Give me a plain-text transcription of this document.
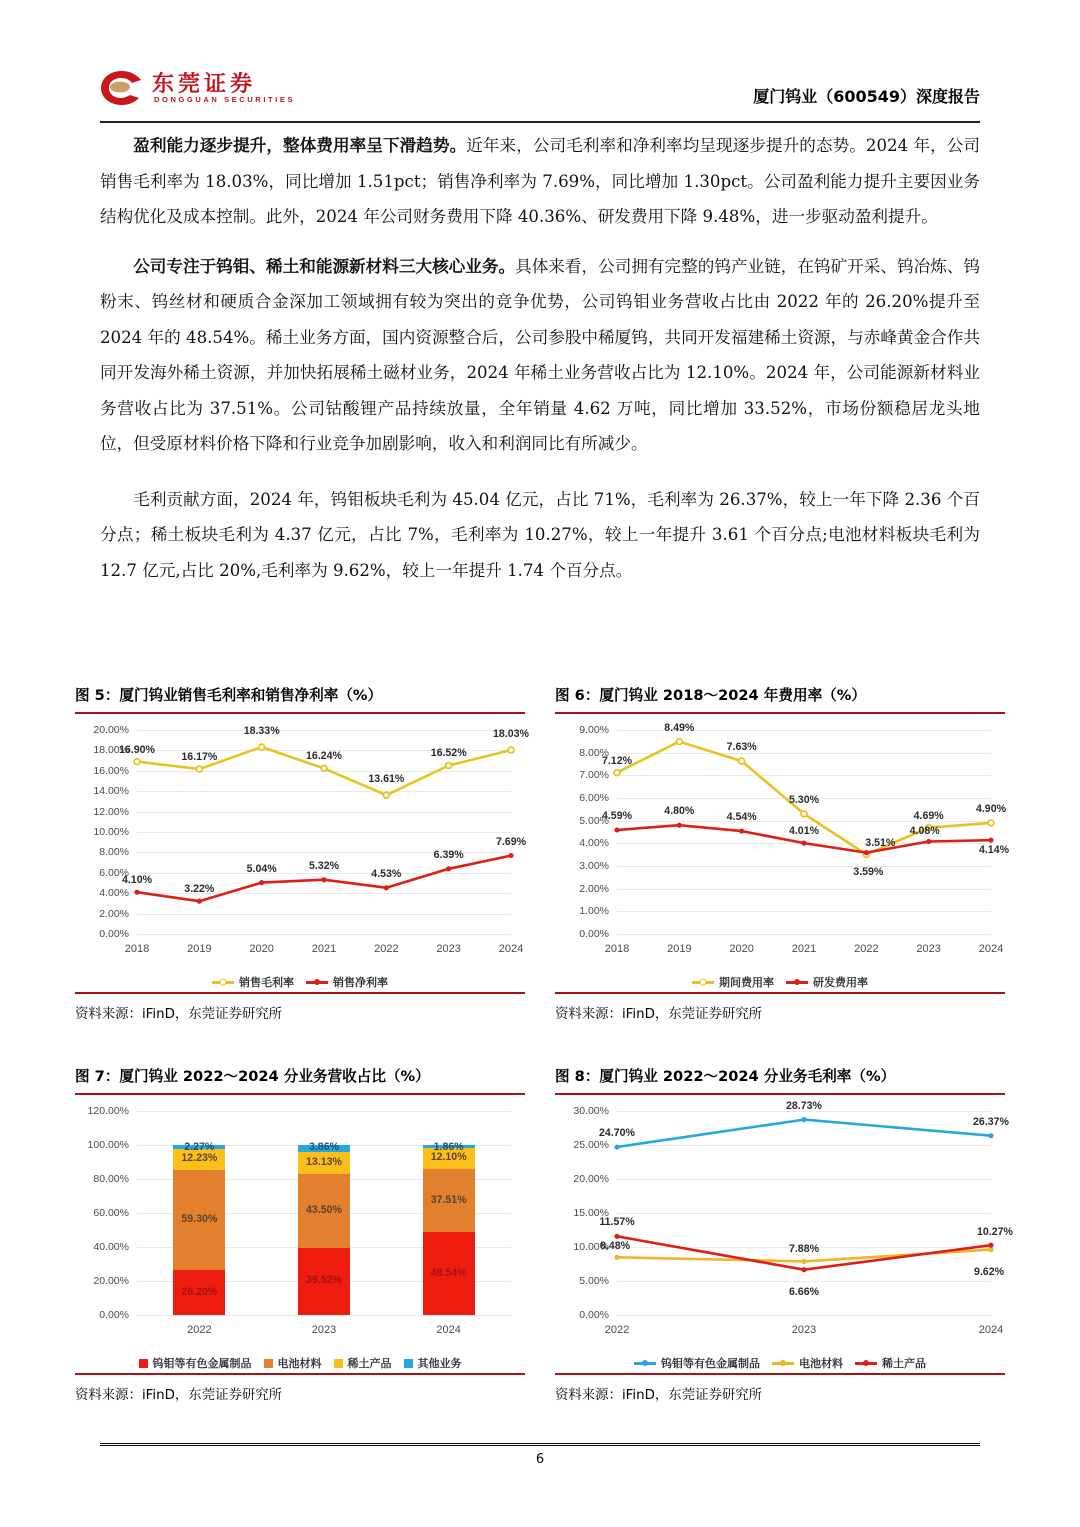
东莞证券
DONGGUAN SECURITIES	厦门钨业（600549）深度报告

盈利能力逐步提升，整体费用率呈下滑趋势。近年来，公司毛利率和净利率均呈现逐步提升的态势。2024 年，公司销售毛利率为 18.03%，同比增加 1.51pct；销售净利率为 7.69%，同比增加 1.30pct。公司盈利能力提升主要因业务结构优化及成本控制。此外，2024 年公司财务费用下降 40.36%、研发费用下降 9.48%，进一步驱动盈利提升。

公司专注于钨钼、稀土和能源新材料三大核心业务。具体来看，公司拥有完整的钨产业链，在钨矿开采、钨冶炼、钨粉末、钨丝材和硬质合金深加工领域拥有较为突出的竞争优势，公司钨钼业务营收占比由 2022 年的 26.20%提升至 2024 年的 48.54%。稀土业务方面，国内资源整合后，公司参股中稀厦钨，共同开发福建稀土资源，与赤峰黄金合作共同开发海外稀土资源，并加快拓展稀土磁材业务，2024 年稀土业务营收占比为 12.10%。2024 年，公司能源新材料业务营收占比为 37.51%。公司钴酸锂产品持续放量，全年销量 4.62 万吨，同比增加 33.52%，市场份额稳居龙头地位，但受原材料价格下降和行业竞争加剧影响，收入和利润同比有所减少。

毛利贡献方面，2024 年，钨钼板块毛利为 45.04 亿元，占比 71%，毛利率为 26.37%，较上一年下降 2.36 个百分点；稀土板块毛利为 4.37 亿元，占比 7%，毛利率为 10.27%，较上一年提升 3.61 个百分点;电池材料板块毛利为 12.7 亿元,占比 20%,毛利率为 9.62%，较上一年提升 1.74 个百分点。

图 5：厦门钨业销售毛利率和销售净利率（%）
0.00%
2.00%
4.00%
6.00%
8.00%
10.00%
12.00%
14.00%
16.00%
18.00%
20.00%
16.90%
16.17%
18.33%
16.24%
13.61%
16.52%
18.03%
4.10%
3.22%
5.04%	5.32%
4.53%
6.39%
7.69%
2018	2019	2020	2021	2022	2023	2024
销售毛利率	销售净利率
资料来源：iFinD，东莞证券研究所
图 6：厦门钨业 2018～2024 年费用率（%）
0.00%
1.00%
2.00%
3.00%
4.00%
5.00%
6.00%
7.00%
8.00%
9.00%
7.12%
8.49%
7.63%
5.30%
3.51%
4.69%
4.90%
4.59%	4.80%	4.54%
4.01%
3.59%
4.08%
4.14%
2018	2019	2020	2021	2022	2023	2024
期间费用率	研发费用率
资料来源：iFinD，东莞证券研究所
图 7：厦门钨业 2022～2024 分业务营收占比（%）
0.00%
20.00%
40.00%
60.00%
80.00%
100.00%
120.00%
26.20%
59.30%
12.23%
2.27%
39.52%
43.50%
13.13%
3.86%
48.54%
37.51%
12.10%
1.86%
2022	2023	2024
钨钼等有色金属制品 电池材料 稀土产品 其他业务
资料来源：iFinD，东莞证券研究所
图 8：厦门钨业 2022～2024 分业务毛利率（%）
0.00%
5.00%
10.00%
15.00%
20.00%
25.00%
30.00%
24.70%
28.73%
26.37%
8.48%	7.88%
9.62%
11.57%
6.66%
10.27%
2022	2023	2024
钨钼等有色金属制品	电池材料	稀土产品
资料来源：iFinD，东莞证券研究所
6
